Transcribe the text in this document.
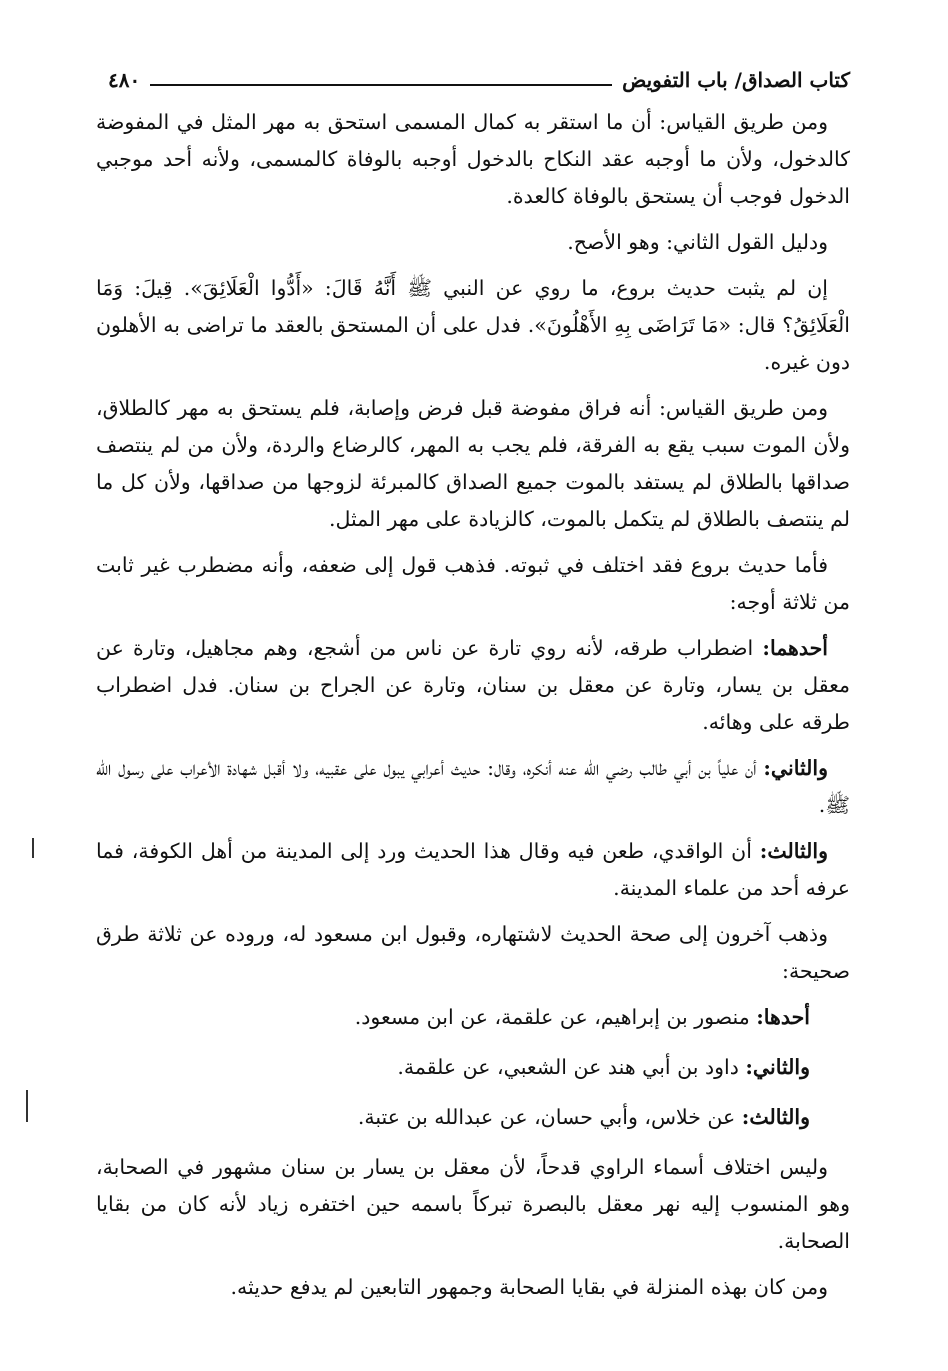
كتاب الصداق/ باب التفويض
٤٨٠

ومن طريق القياس: أن ما استقر به كمال المسمى استحق به مهر المثل في المفوضة كالدخول، ولأن ما أوجبه عقد النكاح بالدخول أوجبه بالوفاة كالمسمى، ولأنه أحد موجبي الدخول فوجب أن يستحق بالوفاة كالعدة.

ودليل القول الثاني: وهو الأصح.

إن لم يثبت حديث بروع، ما روي عن النبي ﷺ أَنَّهُ قَالَ: «أَدُّوا الْعَلَائِقَ». قِيلَ: وَمَا الْعَلَائِقُ؟ قال: «مَا تَرَاضَى بِهِ الأَهْلُونَ». فدل على أن المستحق بالعقد ما تراضى به الأهلون دون غيره.

ومن طريق القياس: أنه فراق مفوضة قبل فرض وإصابة، فلم يستحق به مهر كالطلاق، ولأن الموت سبب يقع به الفرقة، فلم يجب به المهر، كالرضاع والردة، ولأن من لم ينتصف صداقها بالطلاق لم يستفد بالموت جميع الصداق كالمبرئة لزوجها من صداقها، ولأن كل ما لم ينتصف بالطلاق لم يتكمل بالموت، كالزيادة على مهر المثل.

فأما حديث بروع فقد اختلف في ثبوته. فذهب قول إلى ضعفه، وأنه مضطرب غير ثابت من ثلاثة أوجه:

أحدهما: اضطراب طرقه، لأنه روي تارة عن ناس من أشجع، وهم مجاهيل، وتارة عن معقل بن يسار، وتارة عن معقل بن سنان، وتارة عن الجراح بن سنان. فدل اضطراب طرقه على وهائه.

والثاني: أن علياً بن أبي طالب رضي الله عنه أنكره، وقال: حديث أعرابي يبول على عقبيه، ولا أقبل شهادة الأعراب على رسول الله ﷺ.

والثالث: أن الواقدي، طعن فيه وقال هذا الحديث ورد إلى المدينة من أهل الكوفة، فما عرفه أحد من علماء المدينة.

وذهب آخرون إلى صحة الحديث لاشتهاره، وقبول ابن مسعود له، وروده عن ثلاثة طرق صحيحة:

أحدها: منصور بن إبراهيم، عن علقمة، عن ابن مسعود.

والثاني: داود بن أبي هند عن الشعبي، عن علقمة.

والثالث: عن خلاس، وأبي حسان، عن عبدالله بن عتبة.

وليس اختلاف أسماء الراوي قدحاً، لأن معقل بن يسار بن سنان مشهور في الصحابة، وهو المنسوب إليه نهر معقل بالبصرة تبركاً باسمه حين اختفره زياد لأنه كان من بقايا الصحابة.

ومن كان بهذه المنزلة في بقايا الصحابة وجمهور التابعين لم يدفع حديثه.
